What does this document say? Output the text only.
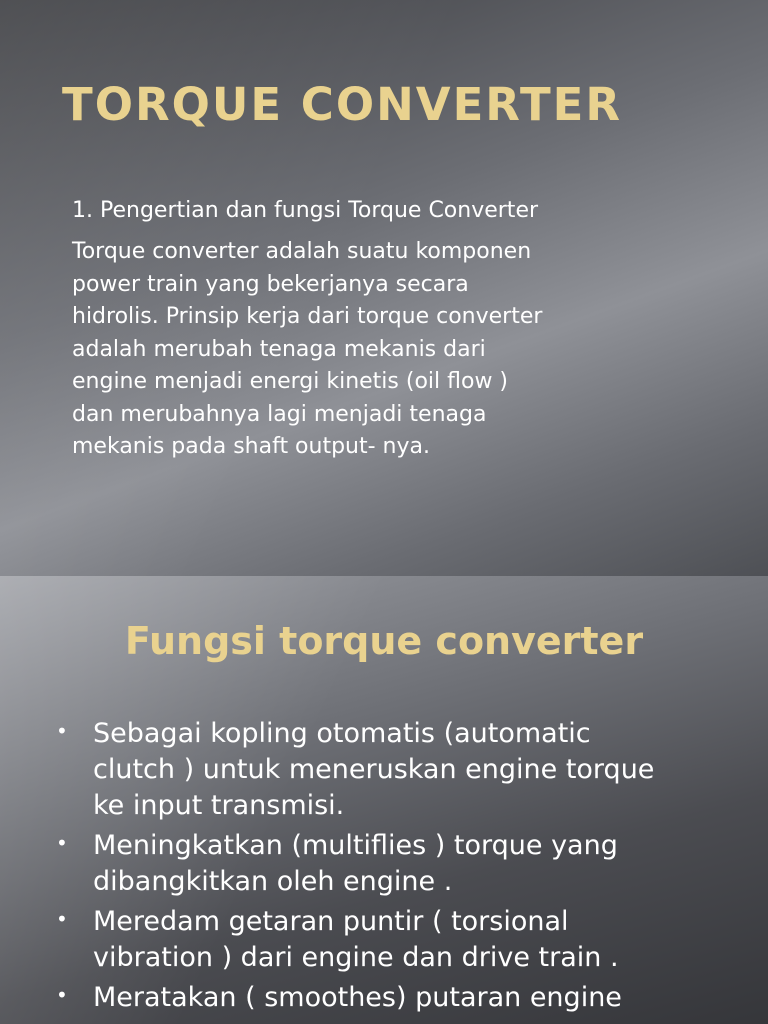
TORQUE CONVERTER

1. Pengertian dan fungsi Torque Converter

Torque converter adalah suatu komponen
power train yang bekerjanya secara
hidrolis. Prinsip kerja dari torque converter
adalah merubah tenaga mekanis dari
engine menjadi energi kinetis (oil flow )
dan merubahnya lagi menjadi tenaga
mekanis pada shaft output- nya.

Fungsi torque converter
• Sebagai kopling otomatis (automatic
clutch ) untuk meneruskan engine torque
ke input transmisi.
• Meningkatkan (multiflies ) torque yang
dibangkitkan oleh engine .
• Meredam getaran puntir ( torsional
vibration ) dari engine dan drive train .
• Meratakan ( smoothes) putaran engine
